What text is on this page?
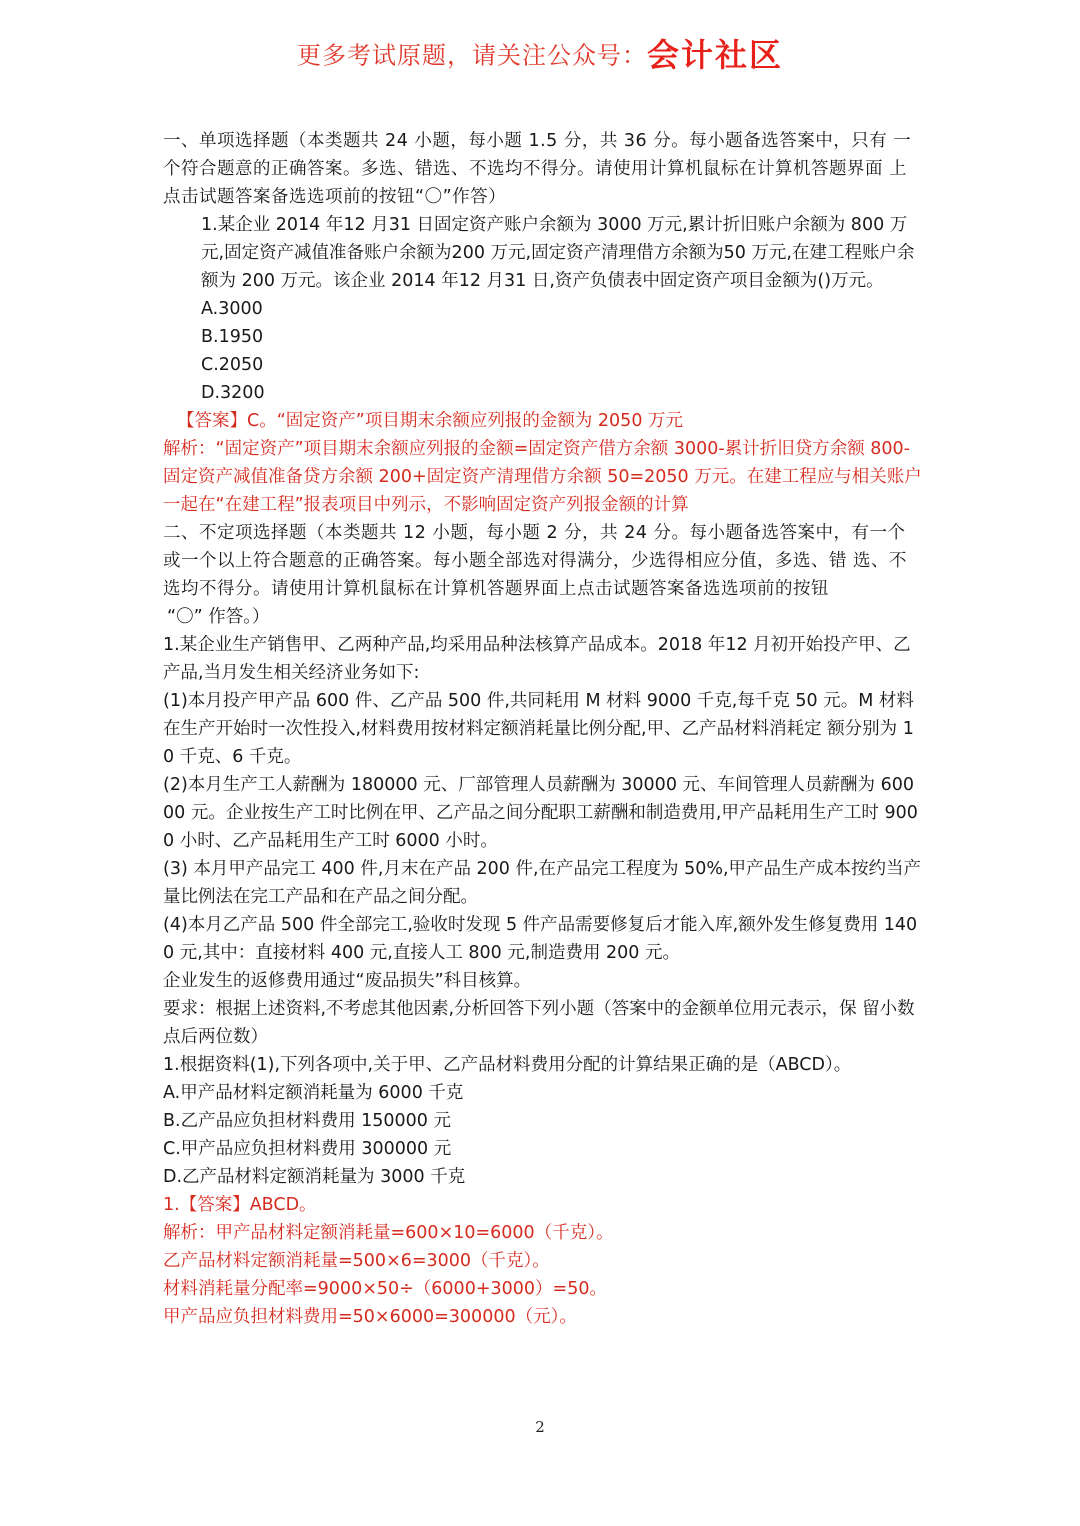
更多考试原题，请关注公众号：会计社区

一、单项选择题（本类题共 24 小题，每小题 1.5 分，共 36 分。每小题备选答案中，只有 一个符合题意的正确答案。多选、错选、不选均不得分。请使用计算机鼠标在计算机答题界面 上点击试题答案备选选项前的按钮“〇”作答）

1.某企业 2014 年12 月31 日固定资产账户余额为 3000 万元,累计折旧账户余额为 800 万元,固定资产减值准备账户余额为200 万元,固定资产清理借方余额为50 万元,在建工程账户余额为 200 万元。该企业 2014 年12 月31 日,资产负债表中固定资产项目金额为()万元。

A.3000

B.1950

C.2050

D.3200

【答案】C。“固定资产”项目期末余额应列报的金额为 2050 万元

解析：“固定资产”项目期末余额应列报的金额=固定资产借方余额 3000-累计折旧贷方余额 800-固定资产减值准备贷方余额 200+固定资产清理借方余额 50=2050 万元。在建工程应与相关账户一起在“在建工程”报表项目中列示，不影响固定资产列报金额的计算

二、不定项选择题（本类题共 12 小题，每小题 2 分，共 24 分。每小题备选答案中，有一个或一个以上符合题意的正确答案。每小题全部选对得满分，少选得相应分值，多选、错 选、不选均不得分。请使用计算机鼠标在计算机答题界面上点击试题答案备选选项前的按钮

“〇” 作答。）

1.某企业生产销售甲、乙两种产品,均采用品种法核算产品成本。2018 年12 月初开始投产甲、乙产品,当月发生相关经济业务如下:

(1)本月投产甲产品 600 件、乙产品 500 件,共同耗用 M 材料 9000 千克,每千克 50 元。M 材料在生产开始时一次性投入,材料费用按材料定额消耗量比例分配,甲、乙产品材料消耗定 额分别为 10 千克、6 千克。

(2)本月生产工人薪酬为 180000 元、厂部管理人员薪酬为 30000 元、车间管理人员薪酬为 60000 元。企业按生产工时比例在甲、乙产品之间分配职工薪酬和制造费用,甲产品耗用生产工时 9000 小时、乙产品耗用生产工时 6000 小时。

(3) 本月甲产品完工 400 件,月末在产品 200 件,在产品完工程度为 50%,甲产品生产成本按约当产量比例法在完工产品和在产品之间分配。

(4)本月乙产品 500 件全部完工,验收时发现 5 件产品需要修复后才能入库,额外发生修复费用 1400 元,其中：直接材料 400 元,直接人工 800 元,制造费用 200 元。

企业发生的返修费用通过“废品损失”科目核算。

要求：根据上述资料,不考虑其他因素,分析回答下列小题（答案中的金额单位用元表示，保 留小数点后两位数）

1.根据资料(1),下列各项中,关于甲、乙产品材料费用分配的计算结果正确的是（ABCD）。

A.甲产品材料定额消耗量为 6000 千克

B.乙产品应负担材料费用 150000 元

C.甲产品应负担材料费用 300000 元

D.乙产品材料定额消耗量为 3000 千克

1.【答案】ABCD。

解析：甲产品材料定额消耗量=600×10=6000（千克）。

乙产品材料定额消耗量=500×6=3000（千克）。

材料消耗量分配率=9000×50÷（6000+3000）=50。

甲产品应负担材料费用=50×6000=300000（元）。

2
